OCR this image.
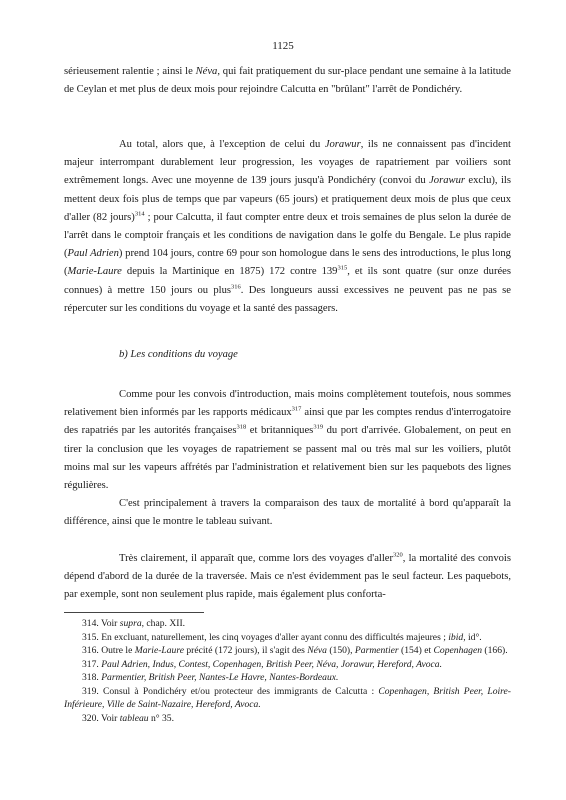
1125

sérieusement ralentie ; ainsi le Néva, qui fait pratiquement du sur-place pendant une semaine à la latitude de Ceylan et met plus de deux mois pour rejoindre Calcutta en "brûlant" l'arrêt de Pondichéry.

Au total, alors que, à l'exception de celui du Jorawur, ils ne connaissent pas d'incident majeur interrompant durablement leur progression, les voyages de rapatriement par voiliers sont extrêmement longs. Avec une moyenne de 139 jours jusqu'à Pondichéry (convoi du Jorawur exclu), ils mettent deux fois plus de temps que par vapeurs (65 jours) et pratiquement deux mois de plus que ceux d'aller (82 jours)$^{314}$ ; pour Calcutta, il faut compter entre deux et trois semaines de plus selon la durée de l'arrêt dans le comptoir français et les conditions de navigation dans le golfe du Bengale. Le plus rapide (Paul Adrien) prend 104 jours, contre 69 pour son homologue dans le sens des introductions, le plus long (Marie-Laure depuis la Martinique en 1875) 172 contre $139^{315}$, et ils sont quatre (sur onze durées connues) à mettre 150 jours ou plus$^{316}$. Des longueurs aussi excessives ne peuvent pas ne pas se répercuter sur les conditions du voyage et la santé des passagers.

b) Les conditions du voyage

Comme pour les convois d'introduction, mais moins complètement toutefois, nous sommes relativement bien informés par les rapports médicaux$^{317}$ ainsi que par les comptes rendus d'interrogatoire des rapatriés par les autorités françaises$^{318}$ et britanniques$^{319}$ du port d'arrivée. Globalement, on peut en tirer la conclusion que les voyages de rapatriement se passent mal ou très mal sur les voiliers, plutôt moins mal sur les vapeurs affrétés par l'administration et relativement bien sur les paquebots des lignes régulières.

C'est principalement à travers la comparaison des taux de mortalité à bord qu'apparaît la différence, ainsi que le montre le tableau suivant.

Très clairement, il apparaît que, comme lors des voyages d'aller$^{320}$, la mortalité des convois dépend d'abord de la durée de la traversée. Mais ce n'est évidemment pas le seul facteur. Les paquebots, par exemple, sont non seulement plus rapide, mais également plus conforta-

314. Voir supra, chap. XII.
315. En excluant, naturellement, les cinq voyages d'aller ayant connu des difficultés majeures ; ibid, id°.
316. Outre le Marie-Laure précité (172 jours), il s'agit des Néva (150), Parmentier (154) et Copenhagen (166).
317. Paul Adrien, Indus, Contest, Copenhagen, British Peer, Néva, Jorawur, Hereford, Avoca.
318. Parmentier, British Peer, Nantes-Le Havre, Nantes-Bordeaux.
319. Consul à Pondichéry et/ou protecteur des immigrants de Calcutta : Copenhagen, British Peer, Loire-Inférieure, Ville de Saint-Nazaire, Hereford, Avoca.
320. Voir tableau n° 35.
